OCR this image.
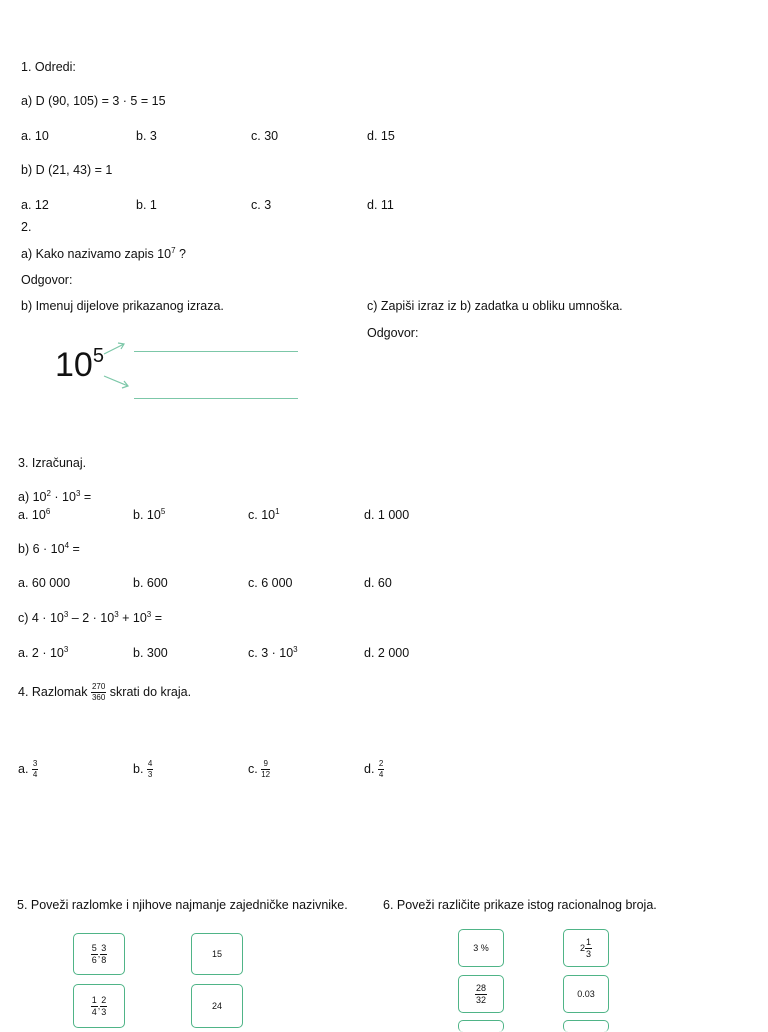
1. Odredi:
a) D (90, 105) = 3 · 5 = 15
a. 10	b. 3	c. 30	d. 15
b) D (21, 43) = 1
a. 12	b. 1	c. 3	d. 11
2.
a) Kako nazivamo zapis $10^7$ ?
Odgovor:
b) Imenuj dijelove prikazanog izraza.	c) Zapiši izraz iz b) zadatka u obliku umnoška.
Odgovor:
$10^5$
3. Izračunaj.
a) $10^2 \cdot 10^3$ =
a. $10^6$	b. $10^5$	c. $10^1$	d. 1 000
b) $6 \cdot 10^4$ =
a. 60 000	b. 600	c. 6 000	d. 60
c) $4 \cdot 10^3 - 2 \cdot 10^3 + 10^3$ =
a. $2 \cdot 10^3$	b. 300	c. $3 \cdot 10^3$	d. 2 000
4. Razlomak $\frac{270}{360}$ skrati do kraja.
a. $\frac{3}{4}$	b. $\frac{4}{3}$	c. $\frac{9}{12}$	d. $\frac{2}{4}$
5. Poveži razlomke i njihove najmanje zajedničke nazivnike.
$\frac{5}{6}$ , $\frac{3}{8}$
$\frac{1}{4}$ , $\frac{2}{3}$
15
24
6. Poveži različite prikaze istog racionalnog broja.
3 %	$2 \frac{1}{3}$
$\frac{28}{32}$	0.03
